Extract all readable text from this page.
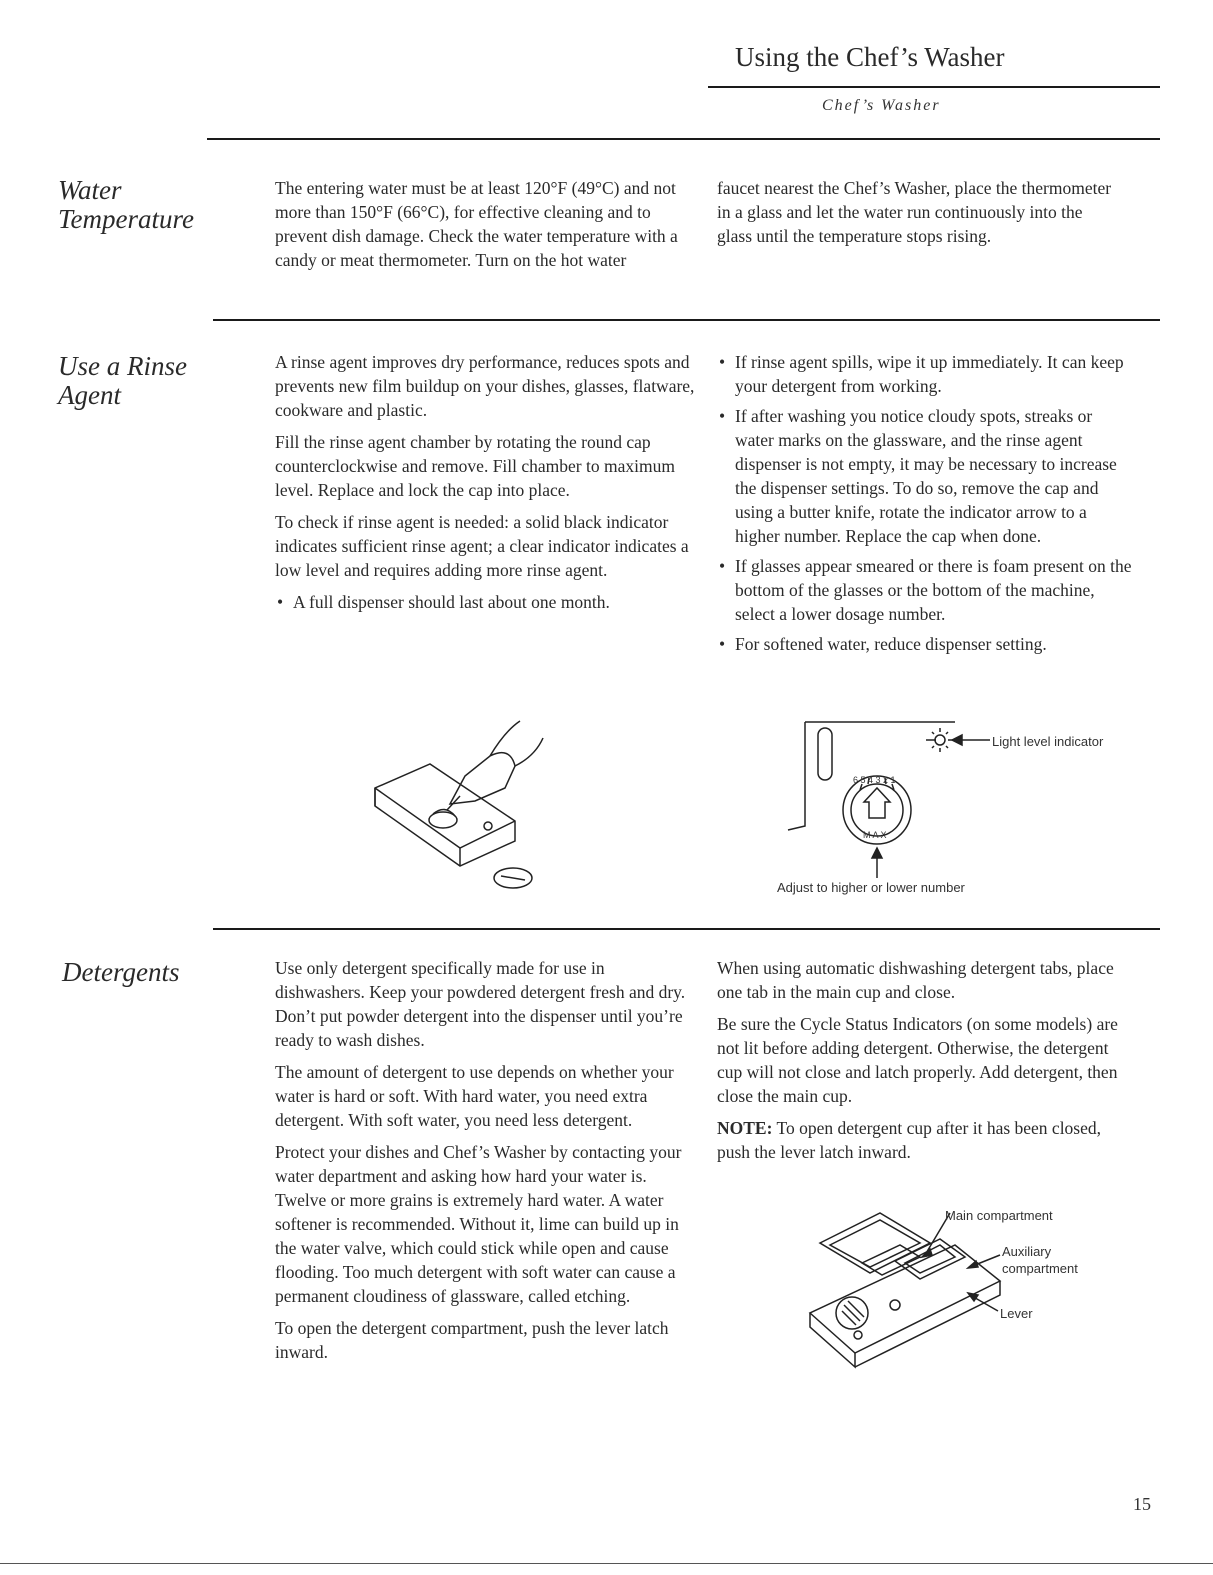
Using the Chef’s Washer
Chef’s Washer
Water
Temperature

The entering water must be at least 120°F (49°C) and not more than 150°F (66°C), for effective cleaning and to prevent dish damage. Check the water temperature with a candy or meat thermometer. Turn on the hot water

faucet nearest the Chef’s Washer, place the thermometer in a glass and let the water run continuously into the glass until the temperature stops rising.

Use a Rinse
Agent

A rinse agent improves dry performance, reduces spots and prevents new film buildup on your dishes, glasses, flatware, cookware and plastic.

Fill the rinse agent chamber by rotating the round cap counterclockwise and remove. Fill chamber to maximum level. Replace and lock the cap into place.

To check if rinse agent is needed: a solid black indicator indicates sufficient rinse agent; a clear indicator indicates a low level and requires adding more rinse agent.

• A full dispenser should last about one month.
• If rinse agent spills, wipe it up immediately. It can keep your detergent from working.
• If after washing you notice cloudy spots, streaks or water marks on the glassware, and the rinse agent dispenser is not empty, it may be necessary to increase the dispenser settings. To do so, remove the cap and using a butter knife, rotate the indicator arrow to a higher number. Replace the cap when done.
• If glasses appear smeared or there is foam present on the bottom of the glasses or the bottom of the machine, select a lower dosage number.
• For softened water, reduce dispenser setting.
6 5 4 3 2 1
M A X
Light level indicator
Adjust to higher or lower number
Detergents	Use only detergent specifically made for use in dishwashers. Keep your powdered detergent fresh and dry. Don’t put powder detergent into the dispenser until you’re ready to wash dishes.

The amount of detergent to use depends on whether your water is hard or soft. With hard water, you need extra detergent. With soft water, you need less detergent.

Protect your dishes and Chef’s Washer by contacting your water department and asking how hard your water is. Twelve or more grains is extremely hard water. A water softener is recommended. Without it, lime can build up in the water valve, which could stick while open and cause flooding. Too much detergent with soft water can cause a permanent cloudiness of glassware, called etching.

To open the detergent compartment, push the lever latch inward.

When using automatic dishwashing detergent tabs, place one tab in the main cup and close.

Be sure the Cycle Status Indicators (on some models) are not lit before adding detergent. Otherwise, the detergent cup will not close and latch properly. Add detergent, then close the main cup.

NOTE: To open detergent cup after it has been closed, push the lever latch inward.

Main compartment
Auxiliary
compartment
Lever
15
